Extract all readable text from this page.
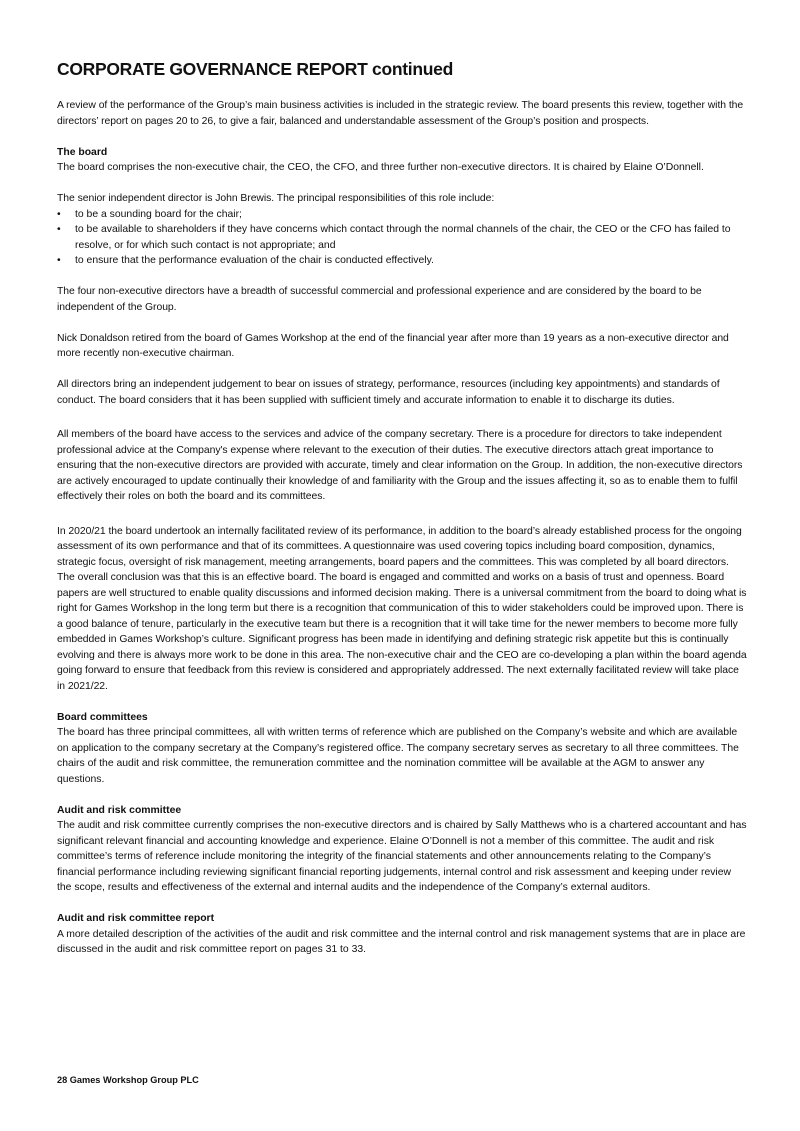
CORPORATE GOVERNANCE REPORT continued

A review of the performance of the Group’s main business activities is included in the strategic review. The board presents this review, together with the directors’ report on pages 20 to 26, to give a fair, balanced and understandable assessment of the Group’s position and prospects.

The board

The board comprises the non-executive chair, the CEO, the CFO, and three further non-executive directors. It is chaired by Elaine O’Donnell.

The senior independent director is John Brewis. The principal responsibilities of this role include:

• to be a sounding board for the chair;
• to be available to shareholders if they have concerns which contact through the normal channels of the chair, the CEO or the CFO has failed to resolve, or for which such contact is not appropriate; and
• to ensure that the performance evaluation of the chair is conducted effectively.

The four non-executive directors have a breadth of successful commercial and professional experience and are considered by the board to be independent of the Group.

Nick Donaldson retired from the board of Games Workshop at the end of the financial year after more than 19 years as a non-executive director and more recently non-executive chairman.

All directors bring an independent judgement to bear on issues of strategy, performance, resources (including key appointments) and standards of conduct. The board considers that it has been supplied with sufficient timely and accurate information to enable it to discharge its duties.

All members of the board have access to the services and advice of the company secretary. There is a procedure for directors to take independent professional advice at the Company's expense where relevant to the execution of their duties. The executive directors attach great importance to ensuring that the non-executive directors are provided with accurate, timely and clear information on the Group. In addition, the non-executive directors are actively encouraged to update continually their knowledge of and familiarity with the Group and the issues affecting it, so as to enable them to fulfil effectively their roles on both the board and its committees.

In 2020/21 the board undertook an internally facilitated review of its performance, in addition to the board’s already established process for the ongoing assessment of its own performance and that of its committees. A questionnaire was used covering topics including board composition, dynamics, strategic focus, oversight of risk management, meeting arrangements, board papers and the committees. This was completed by all board directors. The overall conclusion was that this is an effective board. The board is engaged and committed and works on a basis of trust and openness. Board papers are well structured to enable quality discussions and informed decision making. There is a universal commitment from the board to doing what is right for Games Workshop in the long term but there is a recognition that communication of this to wider stakeholders could be improved upon. There is a good balance of tenure, particularly in the executive team but there is a recognition that it will take time for the newer members to become more fully embedded in Games Workshop’s culture. Significant progress has been made in identifying and defining strategic risk appetite but this is continually evolving and there is always more work to be done in this area. The non-executive chair and the CEO are co-developing a plan within the board agenda going forward to ensure that feedback from this review is considered and appropriately addressed. The next externally facilitated review will take place in 2021/22.

Board committees

The board has three principal committees, all with written terms of reference which are published on the Company’s website and which are available on application to the company secretary at the Company’s registered office. The company secretary serves as secretary to all three committees. The chairs of the audit and risk committee, the remuneration committee and the nomination committee will be available at the AGM to answer any questions.

Audit and risk committee

The audit and risk committee currently comprises the non-executive directors and is chaired by Sally Matthews who is a chartered accountant and has significant relevant financial and accounting knowledge and experience. Elaine O’Donnell is not a member of this committee. The audit and risk committee’s terms of reference include monitoring the integrity of the financial statements and other announcements relating to the Company’s financial performance including reviewing significant financial reporting judgements, internal control and risk assessment and keeping under review the scope, results and effectiveness of the external and internal audits and the independence of the Company’s external auditors.

Audit and risk committee report

A more detailed description of the activities of the audit and risk committee and the internal control and risk management systems that are in place are discussed in the audit and risk committee report on pages 31 to 33.

28 Games Workshop Group PLC
